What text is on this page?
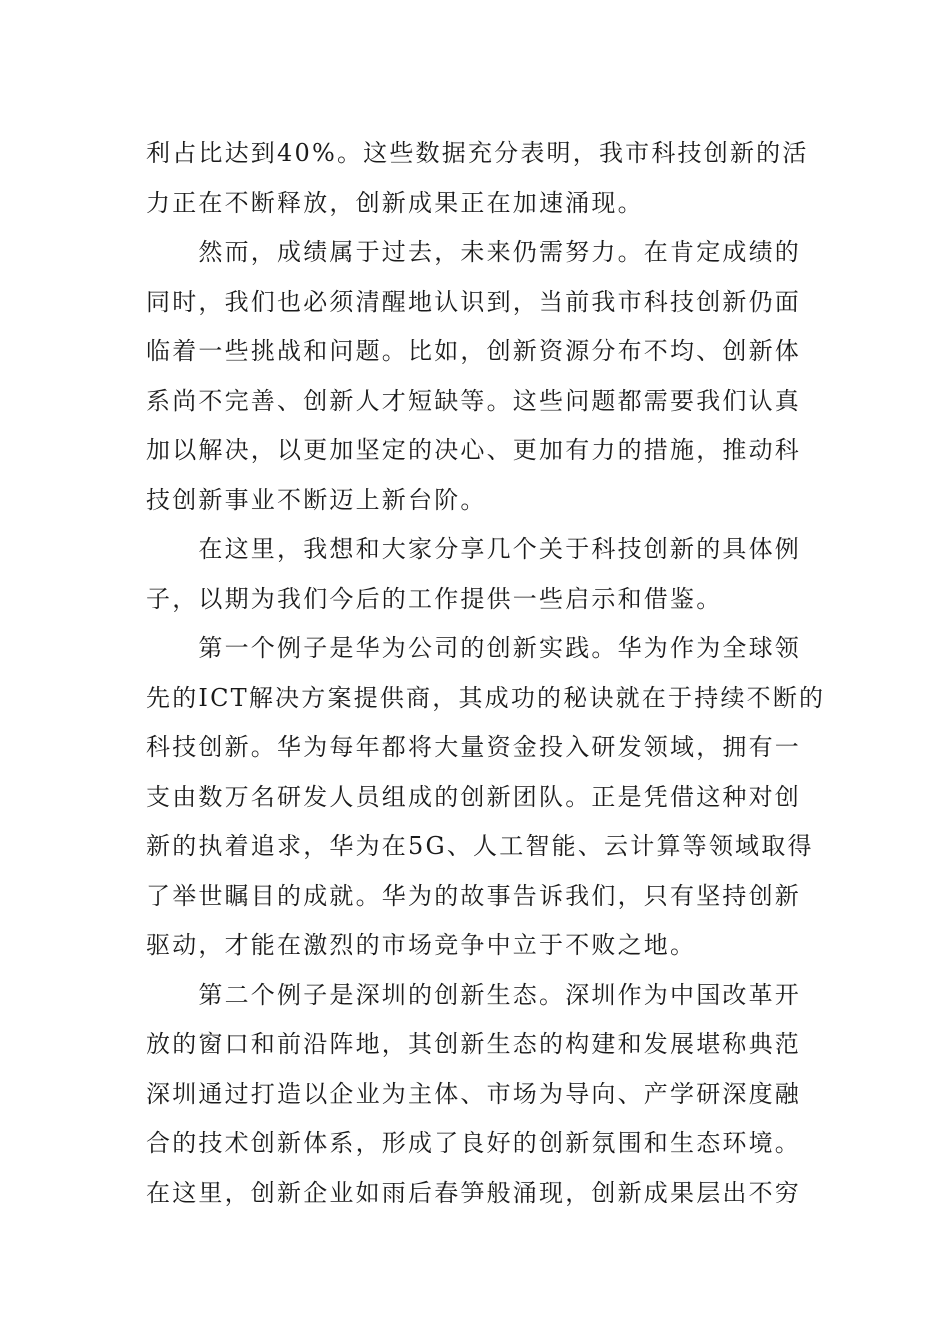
利占比达到40%。这些数据充分表明，我市科技创新的活
力正在不断释放，创新成果正在加速涌现。
　　然而，成绩属于过去，未来仍需努力。在肯定成绩的
同时，我们也必须清醒地认识到，当前我市科技创新仍面
临着一些挑战和问题。比如，创新资源分布不均、创新体
系尚不完善、创新人才短缺等。这些问题都需要我们认真
加以解决，以更加坚定的决心、更加有力的措施，推动科
技创新事业不断迈上新台阶。
　　在这里，我想和大家分享几个关于科技创新的具体例
子，以期为我们今后的工作提供一些启示和借鉴。
　　第一个例子是华为公司的创新实践。华为作为全球领
先的ICT解决方案提供商，其成功的秘诀就在于持续不断的
科技创新。华为每年都将大量资金投入研发领域，拥有一
支由数万名研发人员组成的创新团队。正是凭借这种对创
新的执着追求，华为在5G、人工智能、云计算等领域取得
了举世瞩目的成就。华为的故事告诉我们，只有坚持创新
驱动，才能在激烈的市场竞争中立于不败之地。
　　第二个例子是深圳的创新生态。深圳作为中国改革开
放的窗口和前沿阵地，其创新生态的构建和发展堪称典范
深圳通过打造以企业为主体、市场为导向、产学研深度融
合的技术创新体系，形成了良好的创新氛围和生态环境。
在这里，创新企业如雨后春笋般涌现，创新成果层出不穷
